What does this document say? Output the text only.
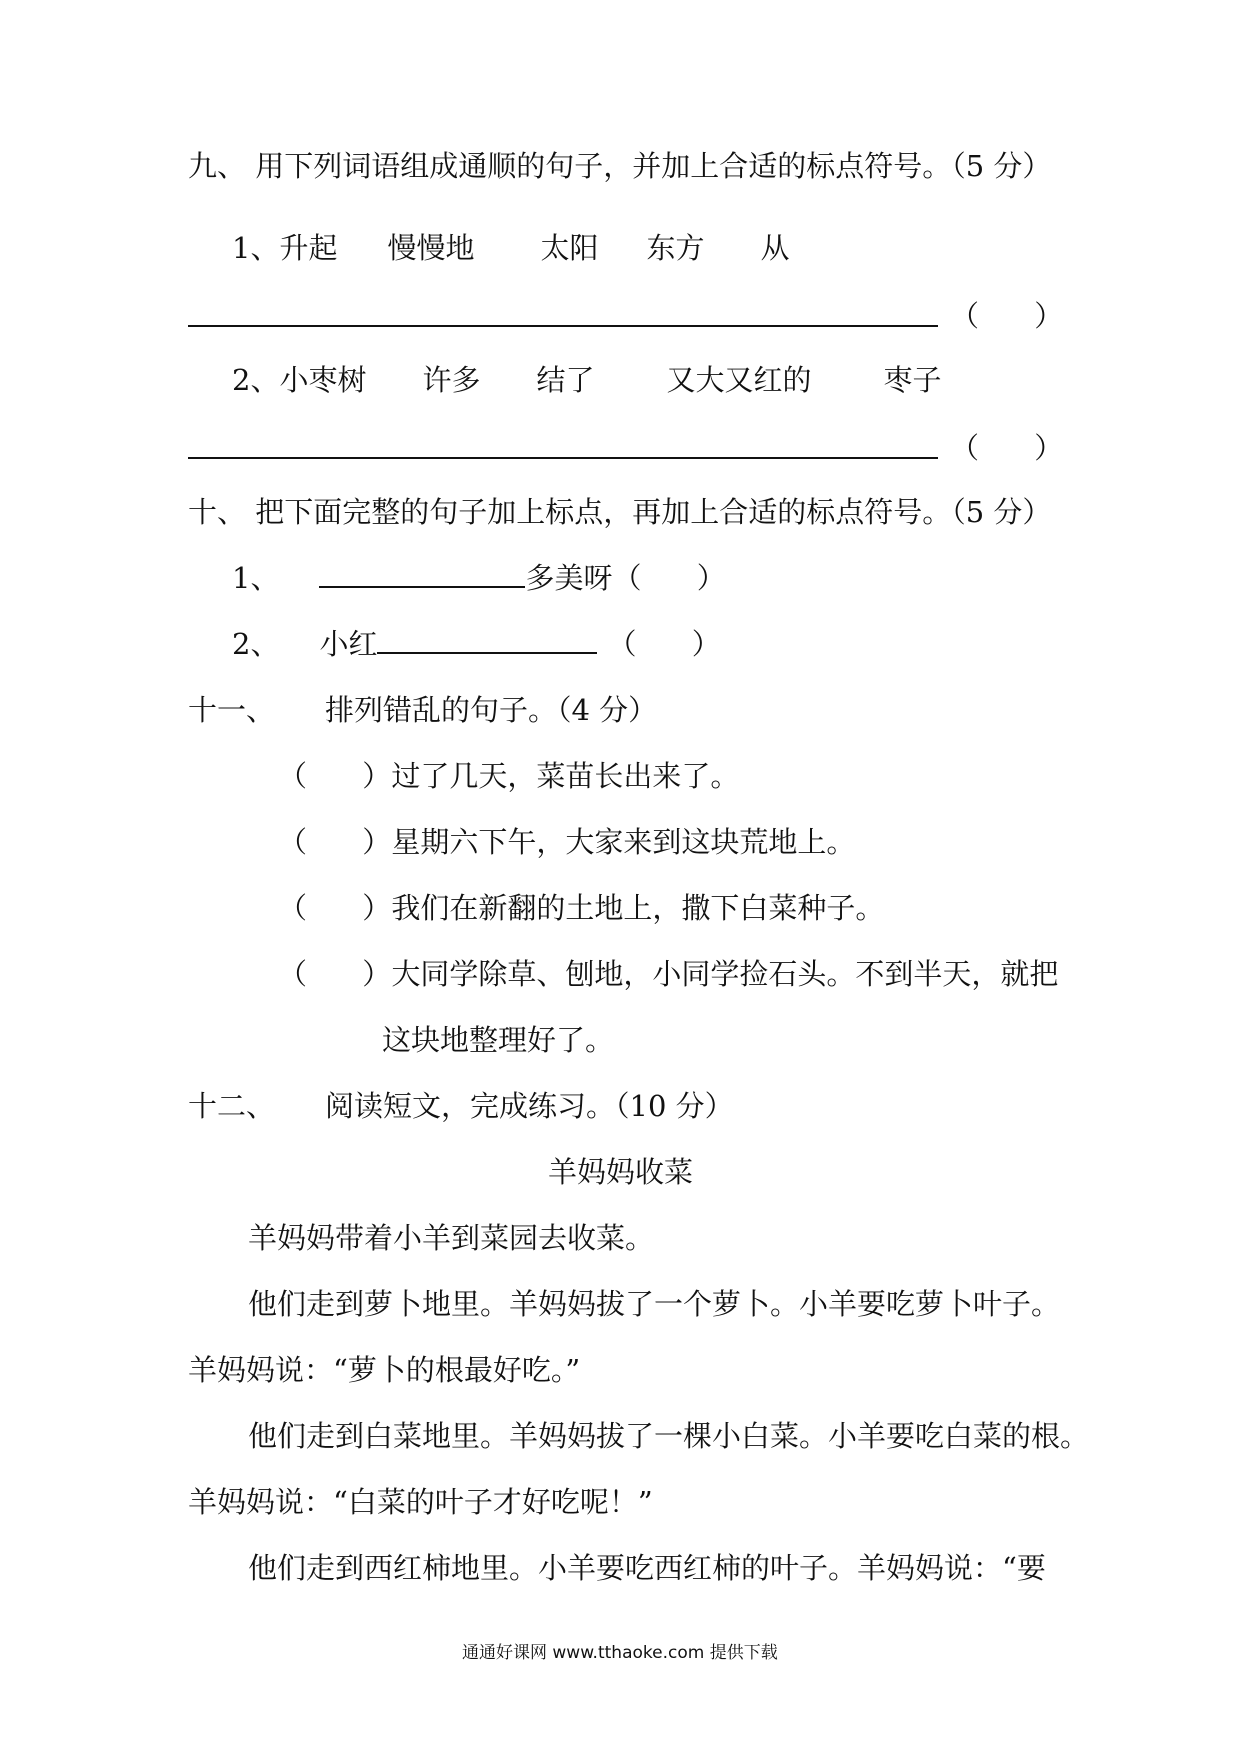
九、 用下列词语组成通顺的句子，并加上合适的标点符号。（5 分）
1、升起 慢慢地 太阳 东方 从
（      ）
2、小枣树 许多 结了 又大又红的 枣子
（      ）
十、 把下面完整的句子加上标点，再加上合适的标点符号。（5 分）
1、	多美呀（      ）
2、 小红	（      ）
十一、 排列错乱的句子。（4 分）
（      ）过了几天，菜苗长出来了。
（      ）星期六下午，大家来到这块荒地上。
（      ）我们在新翻的土地上，撒下白菜种子。
（      ）大同学除草、刨地，小同学捡石头。不到半天，就把
这块地整理好了。
十二、 阅读短文，完成练习。（10 分）
羊妈妈收菜
羊妈妈带着小羊到菜园去收菜。
他们走到萝卜地里。羊妈妈拔了一个萝卜。小羊要吃萝卜叶子。
羊妈妈说：“萝卜的根最好吃。”
他们走到白菜地里。羊妈妈拔了一棵小白菜。小羊要吃白菜的根。
羊妈妈说：“白菜的叶子才好吃呢！”
他们走到西红柿地里。小羊要吃西红柿的叶子。羊妈妈说：“要
通通好课网 www.tthaoke.com 提供下载
